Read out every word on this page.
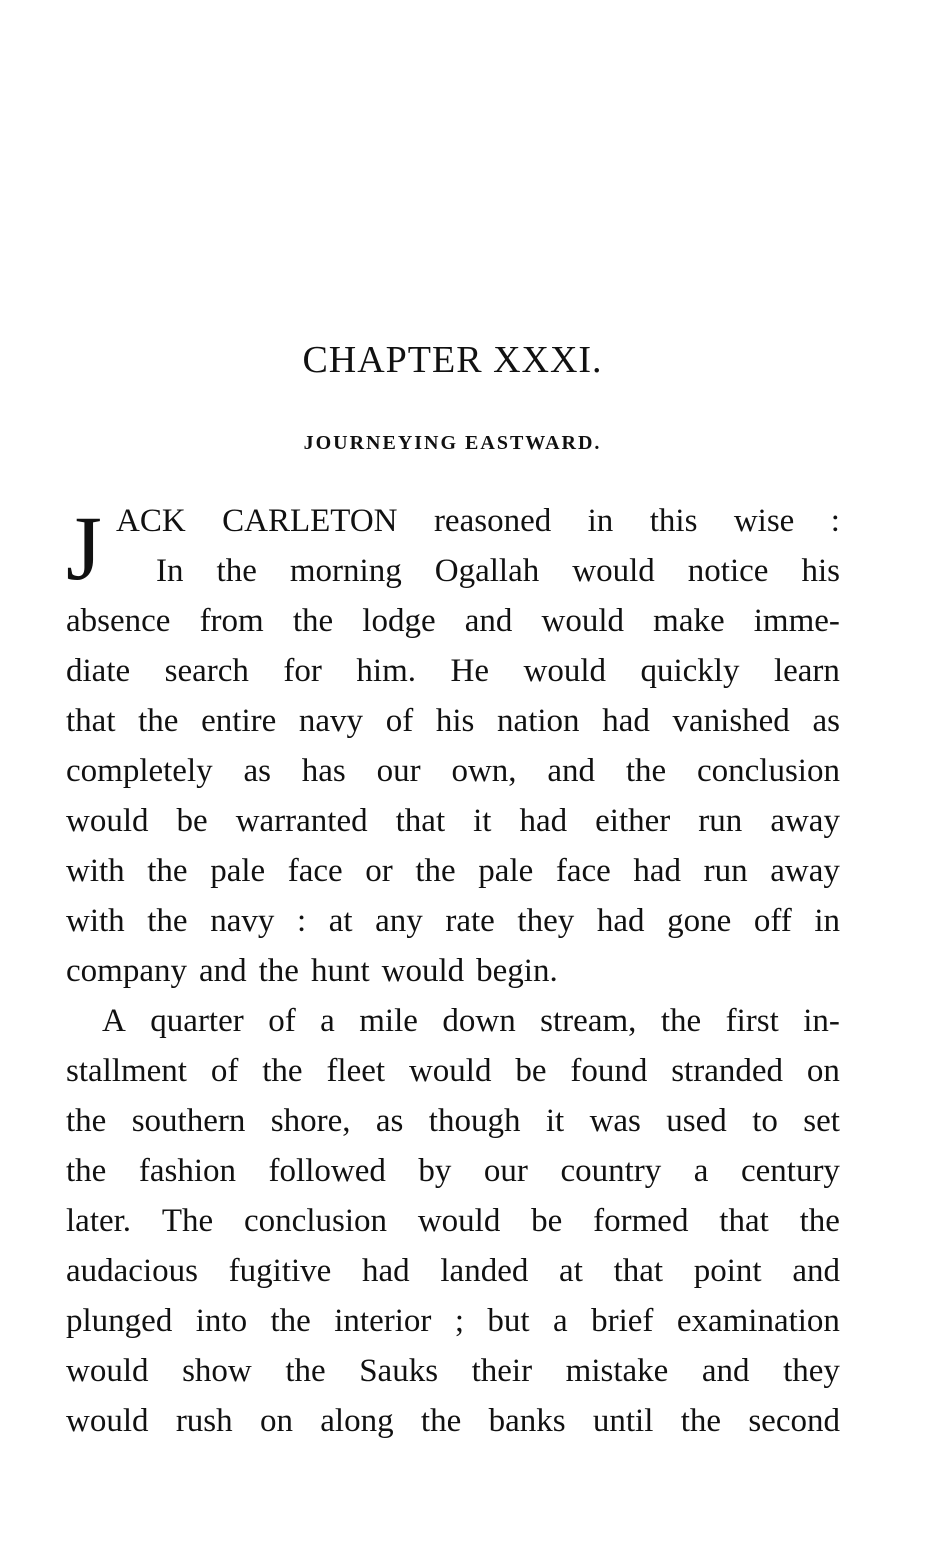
CHAPTER XXXI.
JOURNEYING EASTWARD.
J ACK CARLETON reasoned in this wise :
In the morning Ogallah would notice his
absence from the lodge and would make imme-
diate search for him. He would quickly learn
that the entire navy of his nation had vanished as
completely as has our own, and the conclusion
would be warranted that it had either run away
with the pale face or the pale face had run away
with the navy : at any rate they had gone off in
company and the hunt would begin.
A quarter of a mile down stream, the first in-
stallment of the fleet would be found stranded on
the southern shore, as though it was used to set
the fashion followed by our country a century
later. The conclusion would be formed that the
audacious fugitive had landed at that point and
plunged into the interior ; but a brief examination
would show the Sauks their mistake and they
would rush on along the banks until the second
